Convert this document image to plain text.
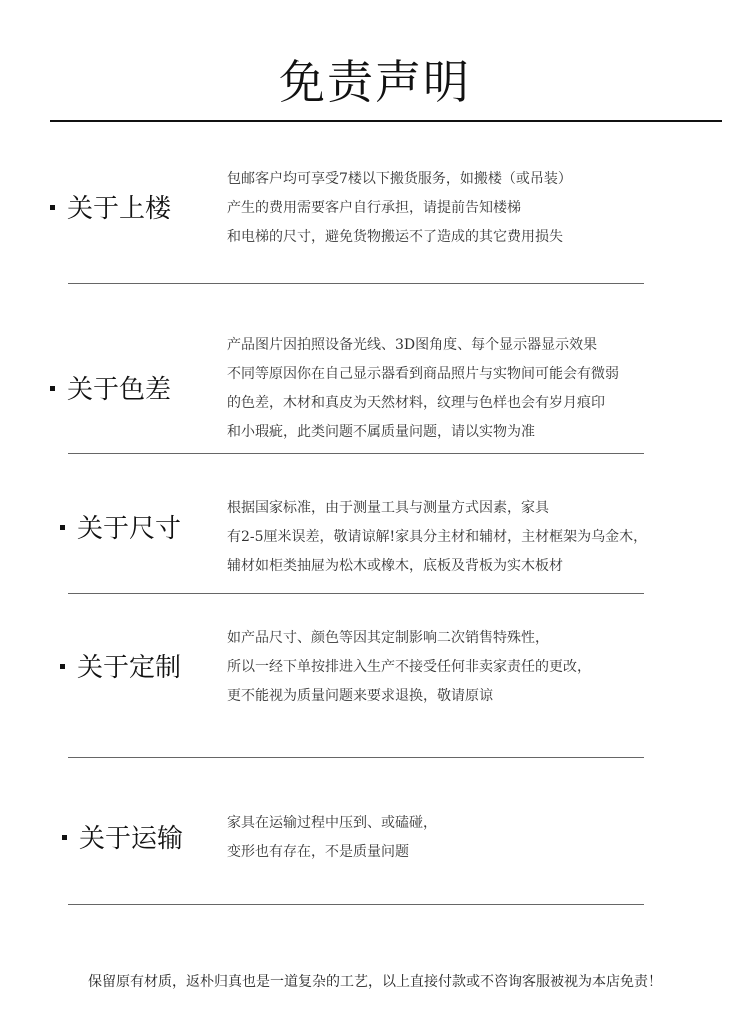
免责声明
关于上楼
包邮客户均可享受7楼以下搬货服务，如搬楼（或吊装）
产生的费用需要客户自行承担，请提前告知楼梯
和电梯的尺寸，避免货物搬运不了造成的其它费用损失
关于色差
产品图片因拍照设备光线、3D图角度、每个显示器显示效果
不同等原因你在自己显示器看到商品照片与实物间可能会有微弱
的色差，木材和真皮为天然材料，纹理与色样也会有岁月痕印
和小瑕疵，此类问题不属质量问题，请以实物为准
关于尺寸
根据国家标准，由于测量工具与测量方式因素，家具
有2-5厘米误差，敬请谅解!家具分主材和辅材，主材框架为乌金木，
辅材如柜类抽屉为松木或橡木，底板及背板为实木板材
关于定制
如产品尺寸、颜色等因其定制影响二次销售特殊性，
所以一经下单按排进入生产不接受任何非卖家责任的更改，
更不能视为质量问题来要求退换，敬请原谅
关于运输
家具在运输过程中压到、或磕碰，
变形也有存在，不是质量问题
保留原有材质，返朴归真也是一道复杂的工艺，以上直接付款或不咨询客服被视为本店免责！
